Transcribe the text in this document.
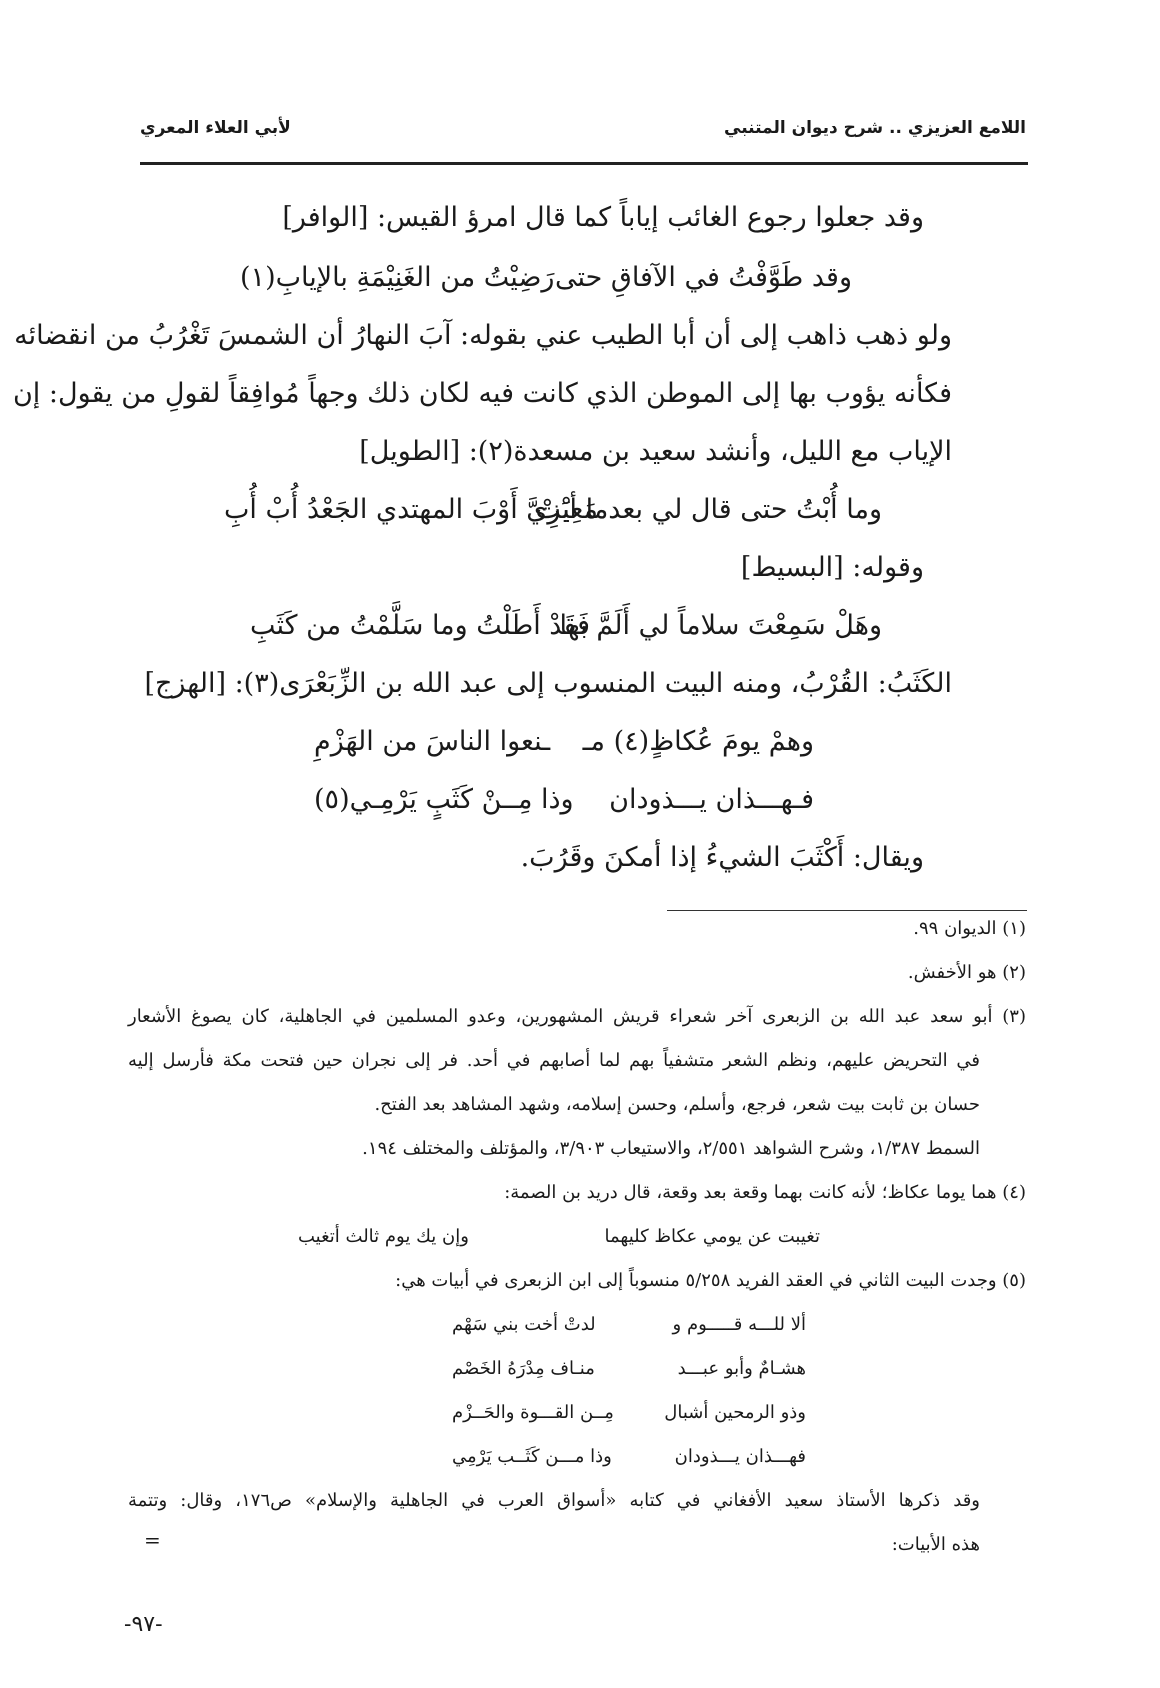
اللامع العزيزي .. شرح ديوان المتنبي
لأبي العلاء المعري
وقد جعلوا رجوع الغائب إياباً كما قال امرؤ القيس: [الوافر]
وقد طَوَّفْتُ في الآفاقِ حتى
رَضِيْتُ من الغَنِيْمَةِ بالإيابِ(١)
ولو ذهب ذاهب إلى أن أبا الطيب عني بقوله: آبَ النهارُ أن الشمسَ تَغْرُبُ من انقضائه
فكأنه يؤوب بها إلى الموطن الذي كانت فيه لكان ذلك وجهاً مُوافِقاً لقولِ من يقول: إن
الإياب مع الليل، وأنشد سعيد بن مسعدة(٢): [الطويل]
وما أُبْتُ حتى قال لي بعدما أبَتْ
مَعِيْزِيَّ أَوْبَ المهتدي الجَعْدُ أُبْ أُبِ
وقوله: [البسيط]
وهَلْ سَمِعْتَ سلاماً لي أَلَمَّ بها
فَقَدْ أَطَلْتُ وما سَلَّمْتُ من كَثَبِ
الكَثَبُ: القُرْبُ، ومنه البيت المنسوب إلى عبد الله بن الزِّبَعْرَى(٣): [الهزج]
وهمْ يومَ عُكاظٍ(٤) مـ
ـنعوا الناسَ من الهَزْمِ
فـهـــذان يـــذودان
وذا مِــنْ كَثَبٍ يَرْمِـي(٥)
ويقال: أَكْثَبَ الشيءُ إذا أمكنَ وقَرُبَ.
(١) الديوان ٩٩.
(٢) هو الأخفش.
(٣) أبو سعد عبد الله بن الزبعرى آخر شعراء قريش المشهورين، وعدو المسلمين في الجاهلية، كان يصوغ الأشعار
في التحريض عليهم، ونظم الشعر متشفياً بهم لما أصابهم في أحد. فر إلى نجران حين فتحت مكة فأرسل إليه
حسان بن ثابت بيت شعر، فرجع، وأسلم، وحسن إسلامه، وشهد المشاهد بعد الفتح.
السمط ١/٣٨٧، وشرح الشواهد ٢/٥٥١، والاستيعاب ٣/٩٠٣، والمؤتلف والمختلف ١٩٤.
(٤) هما يوما عكاظ؛ لأنه كانت بهما وقعة بعد وقعة، قال دريد بن الصمة:
تغيبت عن يومي عكاظ كليهما
وإن يك يوم ثالث أتغيب
(٥) وجدت البيت الثاني في العقد الفريد ٥/٢٥٨ منسوباً إلى ابن الزبعرى في أبيات هي:
ألا للـــه قـــــوم و
لدتْ أخت بني سَهْم
هشـامٌ وأبو عبـــد
منـاف مِدْرَهُ الخَصْم
وذو الرمحين أشبال
مِــن القـــوة والحَــزْم
فهـــذان يـــذودان
وذا مـــن كَثَــب يَرْمِي
وقد ذكرها الأستاذ سعيد الأفغاني في كتابه «أسواق العرب في الجاهلية والإسلام» ص١٧٦، وقال: وتتمة
هذه الأبيات:
=
-٩٧-
